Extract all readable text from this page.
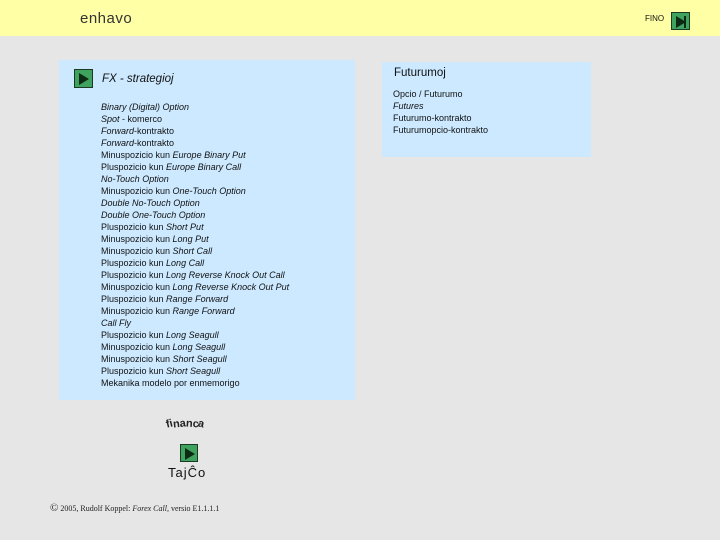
enhavo	FINO
FX - strategioj
Binary (Digital) Option
Spot - komerco
Forward-kontrakto
Forward-kontrakto
Minuspozicio kun Europe Binary Put
Pluspozicio kun Europe Binary Call
No-Touch Option
Minuspozicio kun One-Touch Option
Double No-Touch Option
Double One-Touch Option
Pluspozicio kun Short Put
Minuspozicio kun Long Put
Minuspozicio kun Short Call
Pluspozicio kun Long Call
Pluspozicio kun Long Reverse Knock Out Call
Minuspozicio kun Long Reverse Knock Out Put
Pluspozicio kun Range Forward
Minuspozicio kun Range Forward
Call Fly
Pluspozicio kun Long Seagull
Minuspozicio kun Long Seagull
Minuspozicio kun Short Seagull
Pluspozicio kun Short Seagull
Mekanika modelo por enmemorigo
Futurumoj
Opcio / Futurumo
Futures
Futurumo-kontrakto
Futurumopcio-kontrakto
financa
TajĈo
© 2005, Rudolf Koppel: Forex Call, versio E1.1.1.1
